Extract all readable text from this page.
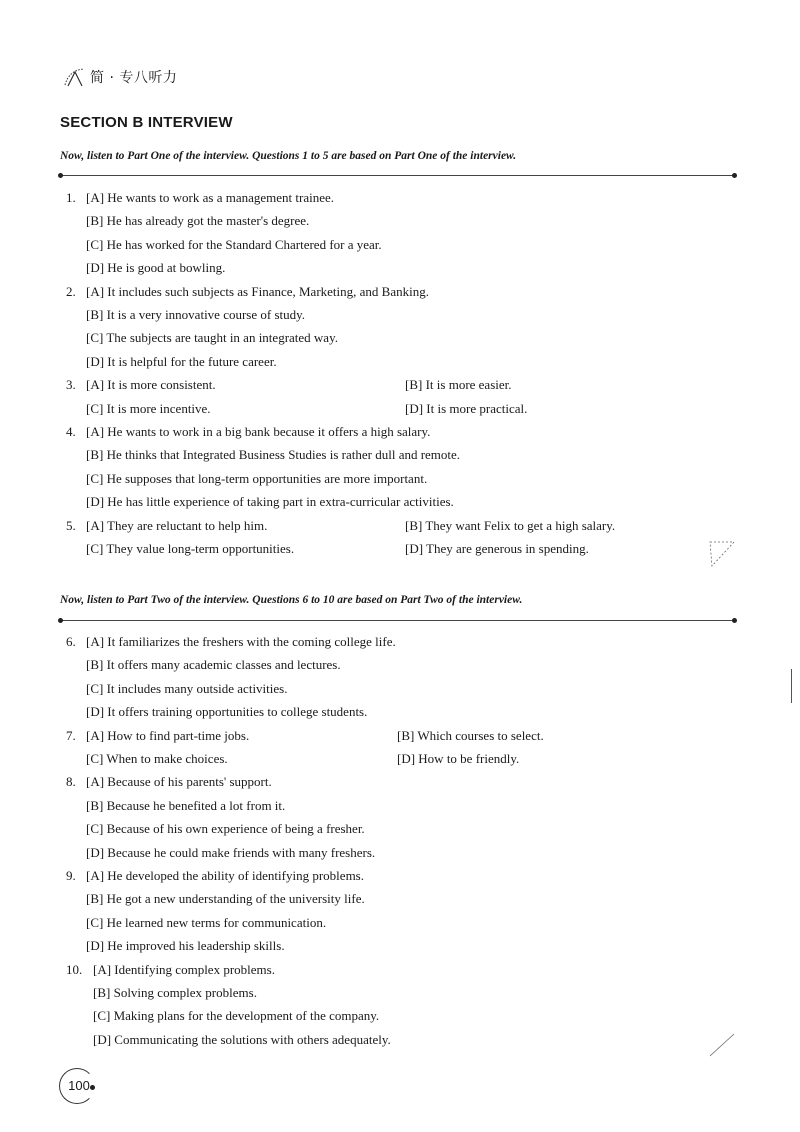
简 · 专八听力
SECTION B INTERVIEW
Now, listen to Part One of the interview. Questions 1 to 5 are based on Part One of the interview.
Now, listen to Part Two of the interview. Questions 6 to 10 are based on Part Two of the interview.
1. [A] He wants to work as a management trainee.
[B] He has already got the master's degree.
[C] He has worked for the Standard Chartered for a year.
[D] He is good at bowling.
2. [A] It includes such subjects as Finance, Marketing, and Banking.
[B] It is a very innovative course of study.
[C] The subjects are taught in an integrated way.
[D] It is helpful for the future career.
3. [A] It is more consistent.	[B] It is more easier.
[C] It is more incentive.	[D] It is more practical.
4. [A] He wants to work in a big bank because it offers a high salary.
[B] He thinks that Integrated Business Studies is rather dull and remote.
[C] He supposes that long-term opportunities are more important.
[D] He has little experience of taking part in extra-curricular activities.
5. [A] They are reluctant to help him.	[B] They want Felix to get a high salary.
[C] They value long-term opportunities.	[D] They are generous in spending.
6. [A] It familiarizes the freshers with the coming college life.
[B] It offers many academic classes and lectures.
[C] It includes many outside activities.
[D] It offers training opportunities to college students.
7. [A] How to find part-time jobs.	[B] Which courses to select.
[C] When to make choices.	[D] How to be friendly.
8. [A] Because of his parents' support.
[B] Because he benefited a lot from it.
[C] Because of his own experience of being a fresher.
[D] Because he could make friends with many freshers.
9. [A] He developed the ability of identifying problems.
[B] He got a new understanding of the university life.
[C] He learned new terms for communication.
[D] He improved his leadership skills.
10. [A] Identifying complex problems.
[B] Solving complex problems.
[C] Making plans for the development of the company.
[D] Communicating the solutions with others adequately.
100
